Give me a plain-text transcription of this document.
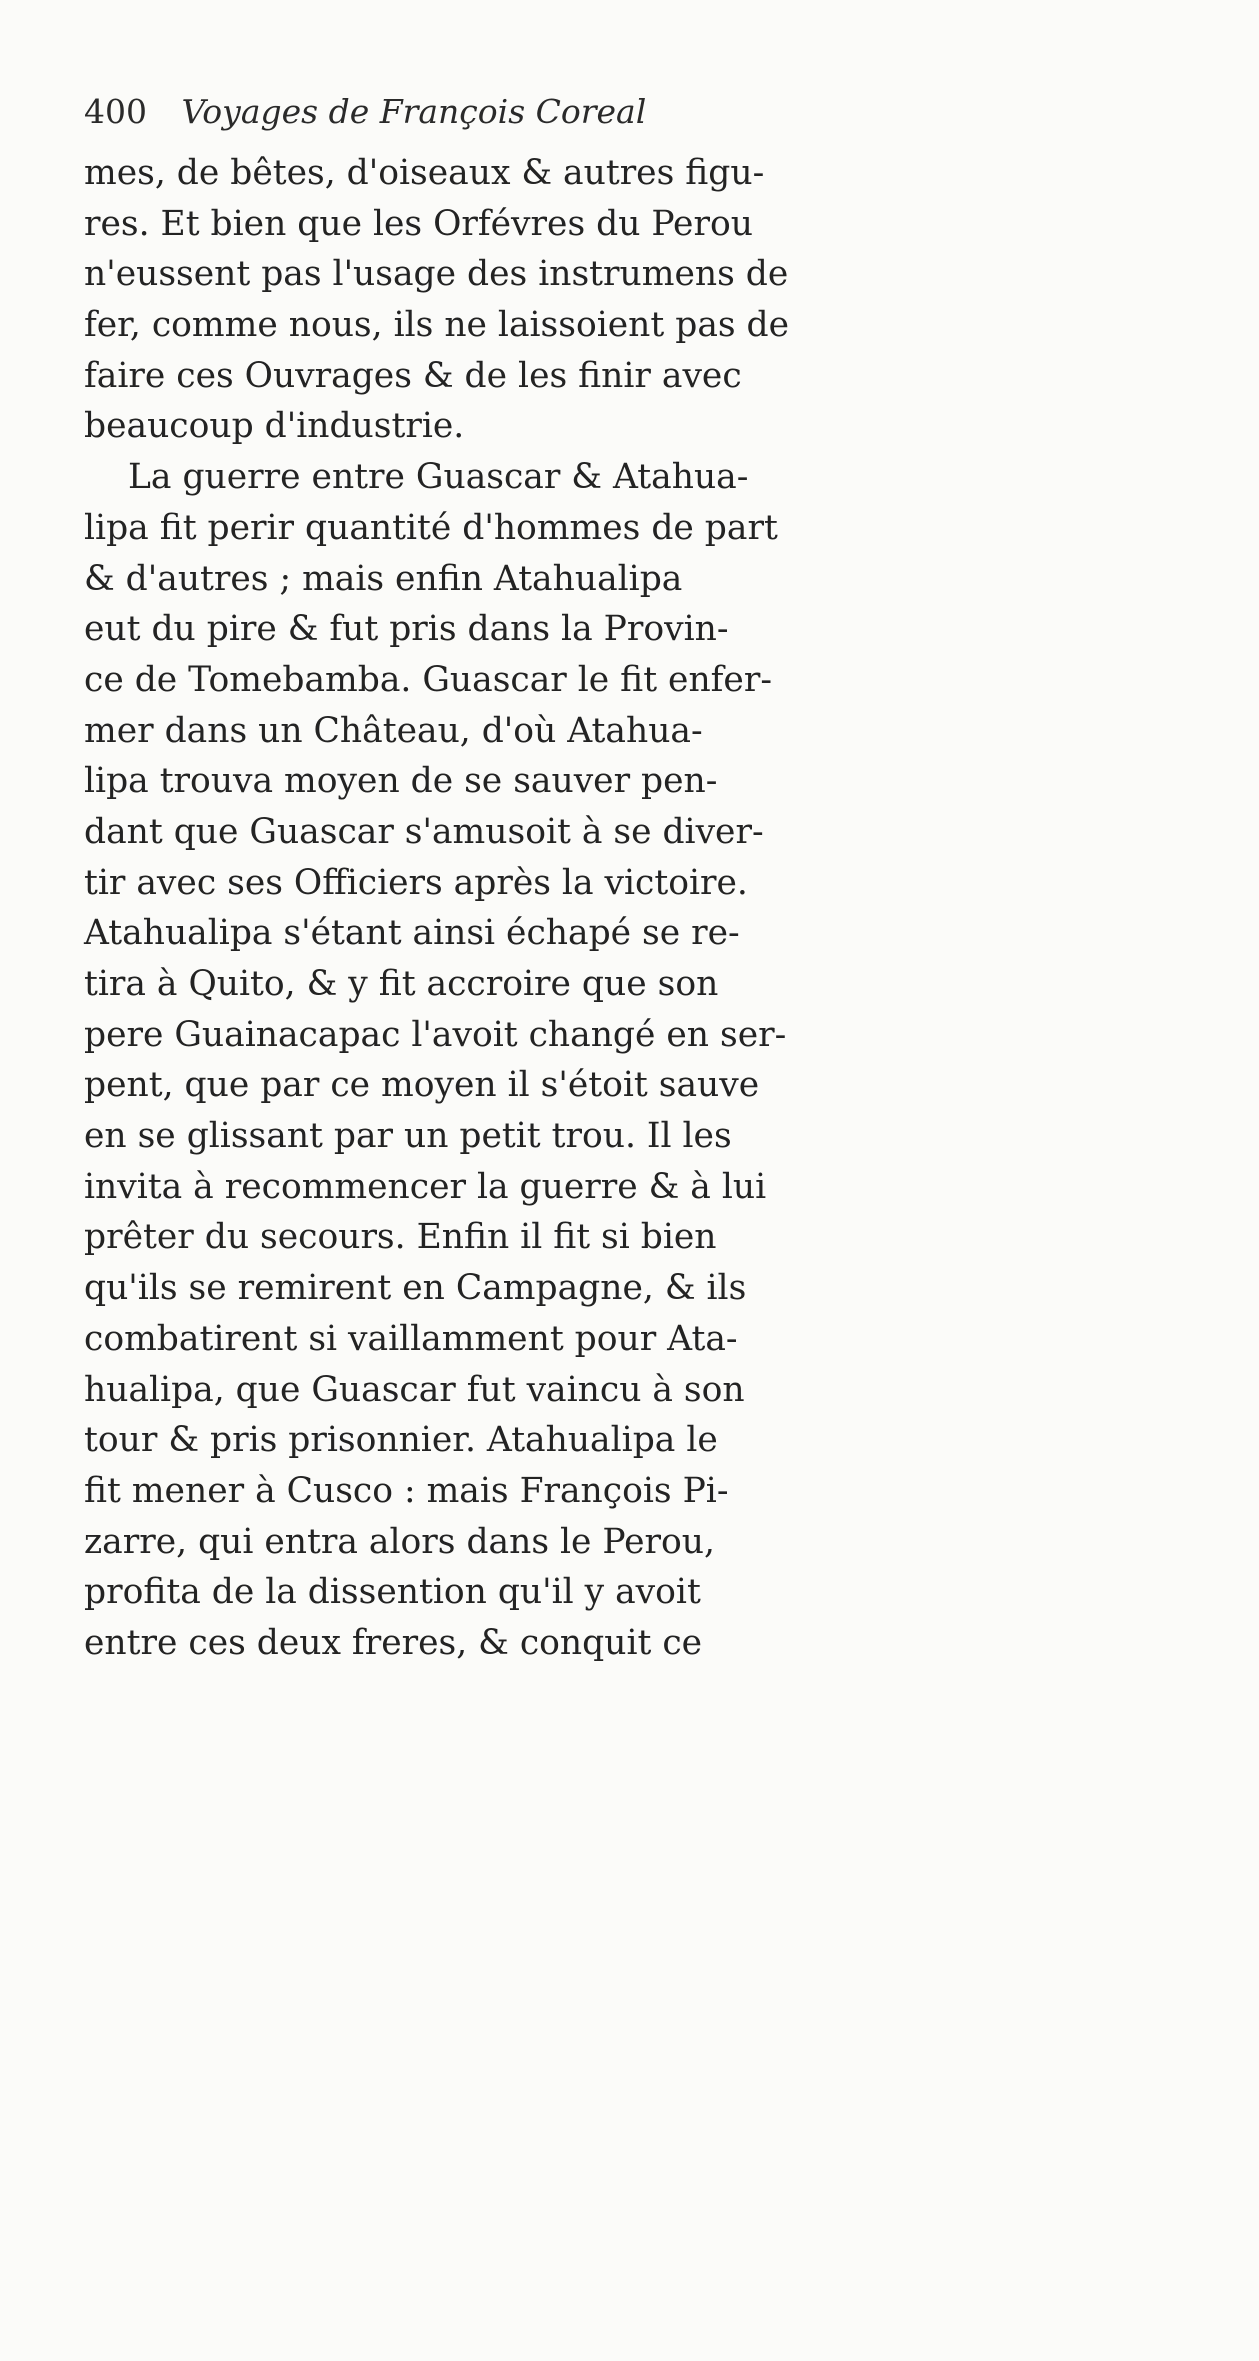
400 Voyages de François Coreal
mes, de bêtes, d'oiseaux & autres figu-
res. Et bien que les Orfévres du Perou
n'eussent pas l'usage des instrumens de
fer, comme nous, ils ne laissoient pas de
faire ces Ouvrages & de les finir avec
beaucoup d'industrie.
La guerre entre Guascar & Atahua-
lipa fit perir quantité d'hommes de part
& d'autres ; mais enfin Atahualipa
eut du pire & fut pris dans la Provin-
ce de Tomebamba. Guascar le fit enfer-
mer dans un Château, d'où Atahua-
lipa trouva moyen de se sauver pen-
dant que Guascar s'amusoit à se diver-
tir avec ses Officiers après la victoire.
Atahualipa s'étant ainsi échapé se re-
tira à Quito, & y fit accroire que son
pere Guainacapac l'avoit changé en ser-
pent, que par ce moyen il s'étoit sauve
en se glissant par un petit trou. Il les
invita à recommencer la guerre & à lui
prêter du secours. Enfin il fit si bien
qu'ils se remirent en Campagne, & ils
combatirent si vaillamment pour Ata-
hualipa, que Guascar fut vaincu à son
tour & pris prisonnier. Atahualipa le
fit mener à Cusco : mais François Pi-
zarre, qui entra alors dans le Perou,
profita de la dissention qu'il y avoit
entre ces deux freres, & conquit ce
